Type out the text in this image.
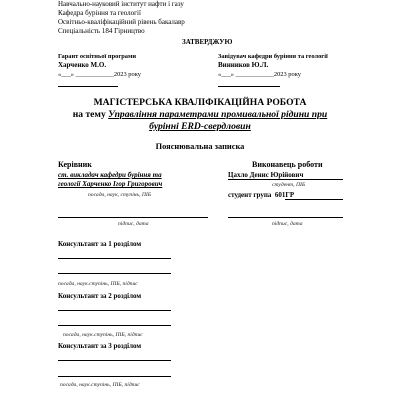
Навчально-науковий інститут нафти і газу
Кафедра буріння та геології
Освітньо-кваліфікаційний рівень бакалавр
Спеціальність 184 Гірництво
ЗАТВЕРДЖУЮ
Гарант освітньої програми
Харченко М.О.
«___» ____________2023 року
Завідувач кафедри буріння та геології
Винников Ю.Л.
«___» ____________2023 року
МАГІСТЕРСЬКА КВАЛІФІКАЦІЙНА РОБОТА
на тему Управління параметрами промивальної рідини при
бурінні ERD-свердловин
Пояснювальна записка
Керівник
ст. викладач кафедри буріння та
геології Харченко Ігор Григорович
посада, наук, ступінь, ПІБ
підпис, дата
Виконавець роботи
Цахло Денис Юрійович
студент, ПІБ
студент група 601ГР
підпис, дата
Консультант за 1 розділом
посада, наук.ступінь, ПІБ, підпис
Консультант за 2 розділом
посада, наук.ступінь, ПІБ, підпис
Консультант за 3 розділом
посада, наук.ступінь, ПІБ, підпис
